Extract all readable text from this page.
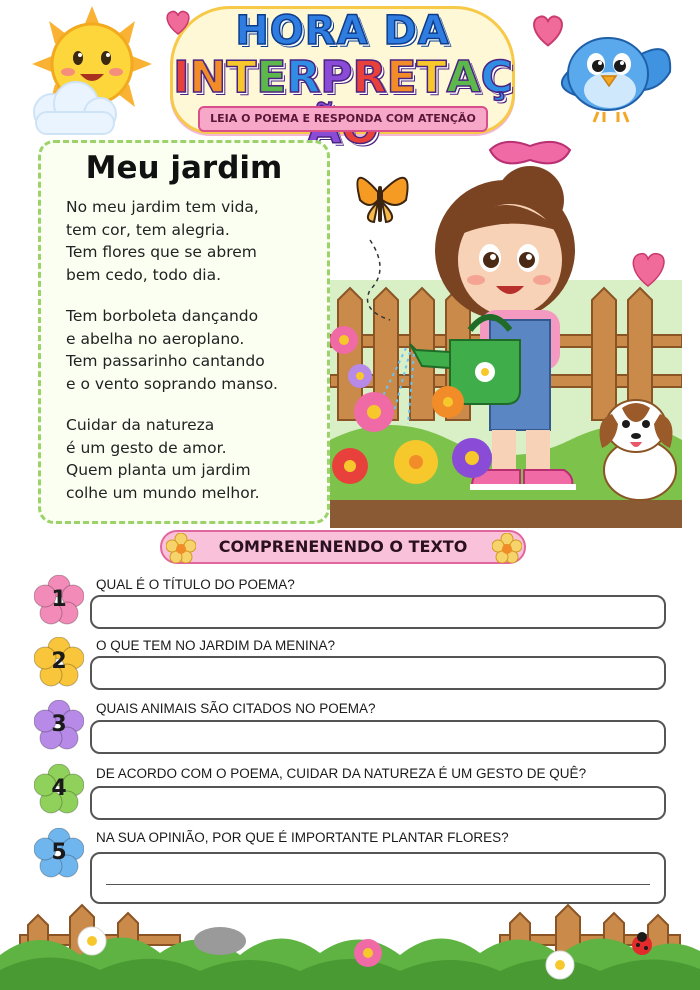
HORA DA
INTERPRETAÇ
LEIA O POEMA E RESPONDA COM ATENÇÃO
Meu jardim
No meu jardim tem vida,
tem cor, tem alegria.
Tem flores que se abrem
bem cedo, todo dia.
Tem borboleta dançando
e abelha no aeroplano.
Tem passarinho cantando
e o vento soprando manso.
Cuidar da natureza
é um gesto de amor.
Quem planta um jardim
colhe um mundo melhor.
COMPRENENENDO O TEXTO
1
QUAL É O TÍTULO DO POEMA?
2
O QUE TEM NO JARDIM DA MENINA?
3
QUAIS ANIMAIS SÃO CITADOS NO POEMA?
4
DE ACORDO COM O POEMA, CUIDAR DA NATUREZA É UM GESTO DE QUÊ?
5
NA SUA OPINIÃO, POR QUE É IMPORTANTE PLANTAR FLORES?
